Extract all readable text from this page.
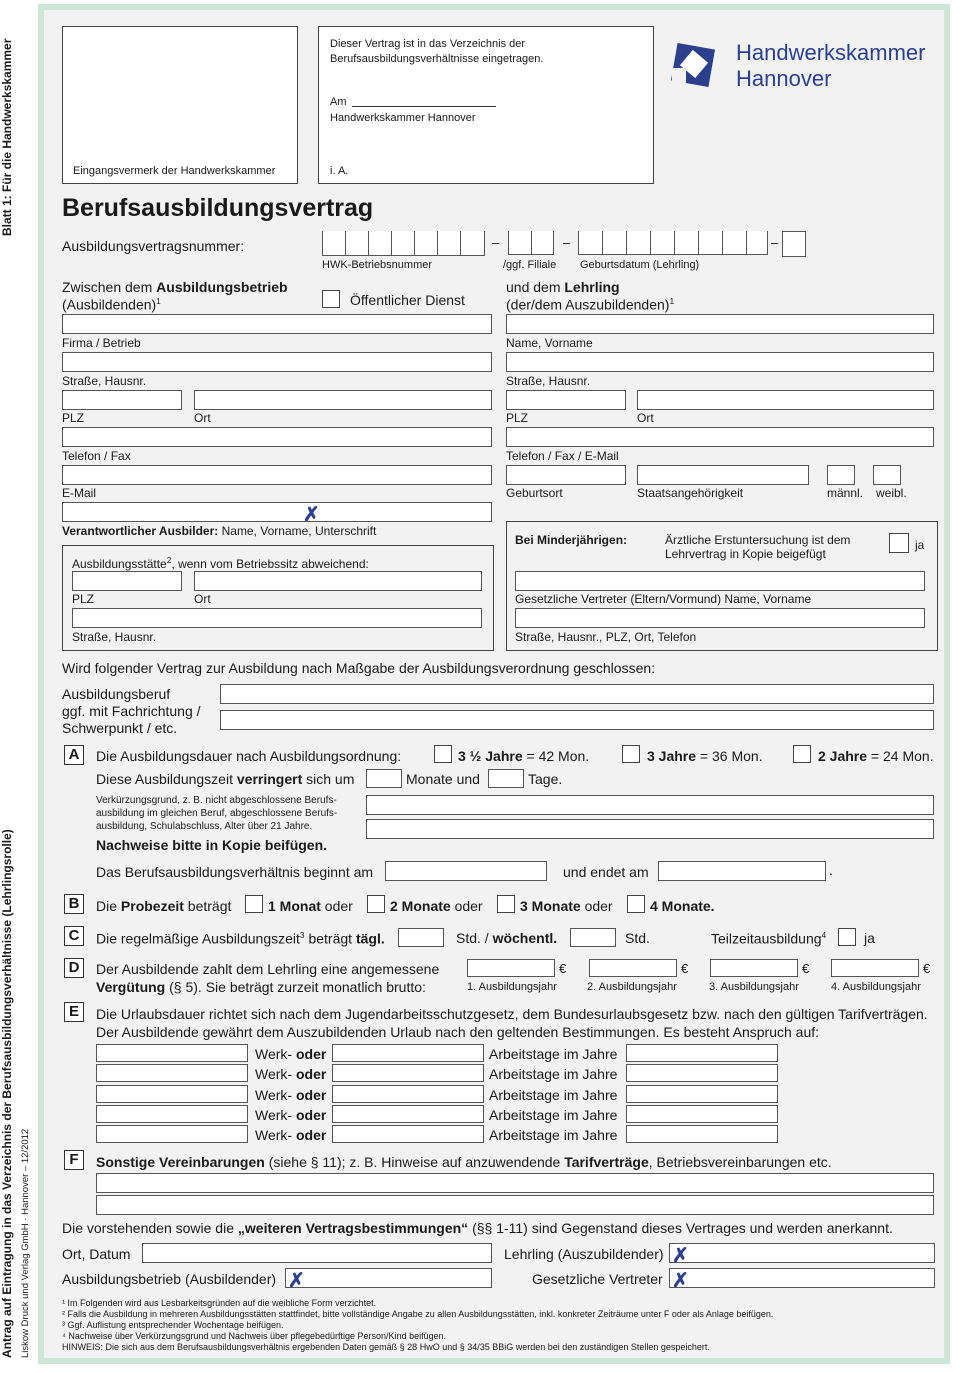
Blatt 1: Für die Handwerkskammer
Antrag auf Eintragung in das Verzeichnis der Berufsausbildungsverhältnisse (Lehrlingsrolle) Liskow Druck und Verlag GmbH · Hannover – 12/2012
Eingangsvermerk der Handwerkskammer
Dieser Vertrag ist in das Verzeichnis der
Berufsausbildungsverhältnisse eingetragen.
Am
Handwerkskammer Hannover
i. A.
Handwerkskammer
Hannover
Berufsausbildungsvertrag
Ausbildungsvertragsnummer:	–	–	–
HWK-Betriebsnummer	/ggf. Filiale Geburtsdatum (Lehrling)
Zwischen dem Ausbildungsbetrieb
(Ausbildenden)$^1$	Öffentlicher Dienst
Firma / Betrieb
Straße, Hausnr.
PLZ	Ort
Telefon / Fax
E-Mail
✗
Verantwortlicher Ausbilder: Name, Vorname, Unterschrift
Ausbildungsstätte$^2$, wenn vom Betriebssitz abweichend:
PLZ	Ort
Straße, Hausnr.
und dem Lehrling
(der/dem Auszubildenden)$^1$
Name, Vorname
Straße, Hausnr.
PLZ	Ort
Telefon / Fax / E-Mail
Geburtsort	Staatsangehörigkeit	männl. weibl.
Bei Minderjährigen:	Ärztliche Erstuntersuchung ist dem
Lehrvertrag in Kopie beigefügt
ja
Gesetzliche Vertreter (Eltern/Vormund) Name, Vorname
Straße, Hausnr., PLZ, Ort, Telefon
Wird folgender Vertrag zur Ausbildung nach Maßgabe der Ausbildungsverordnung geschlossen:
Ausbildungsberuf
ggf. mit Fachrichtung /
Schwerpunkt / etc.
A	Die Ausbildungsdauer nach Ausbildungsordnung:	3 ½ Jahre = 42 Mon.	3 Jahre = 36 Mon.	2 Jahre = 24 Mon.
Diese Ausbildungszeit verringert sich um	Monate und	Tage.
Verkürzungsgrund, z. B. nicht abgeschlossene Berufs-
ausbildung im gleichen Beruf, abgeschlossene Berufs-
ausbildung, Schulabschluss, Alter über 21 Jahre.
Nachweise bitte in Kopie beifügen.
Das Berufsausbildungsverhältnis beginnt am	und endet am	.
B	Die Probezeit beträgt	1 Monat oder	2 Monate oder	3 Monate oder	4 Monate.
C	Die regelmäßige Ausbildungszeit$^3$ beträgt tägl.	Std. / wöchentl.	Std.	Teilzeitausbildung$^4$	ja
D	Der Ausbildende zahlt dem Lehrling eine angemessene
Vergütung (§ 5). Sie beträgt zurzeit monatlich brutto:
€	€	€	€
1. Ausbildungsjahr	2. Ausbildungsjahr	3. Ausbildungsjahr	4. Ausbildungsjahr
E	Die Urlaubsdauer richtet sich nach dem Jugendarbeitsschutzgesetz, dem Bundesurlaubsgesetz bzw. nach den gültigen Tarifverträgen.
Der Ausbildende gewährt dem Auszubildenden Urlaub nach den geltenden Bestimmungen. Es besteht Anspruch auf:
Werk- oder	Arbeitstage im Jahre
Werk- oder	Arbeitstage im Jahre
Werk- oder	Arbeitstage im Jahre
Werk- oder	Arbeitstage im Jahre
Werk- oder	Arbeitstage im Jahre
F	Sonstige Vereinbarungen (siehe § 11); z. B. Hinweise auf anzuwendende Tarifverträge, Betriebsvereinbarungen etc.
Die vorstehenden sowie die „weiteren Vertragsbestimmungen“ (§§ 1-11) sind Gegenstand dieses Vertrages und werden anerkannt.
Ort, Datum	Lehrling (Auszubildender) ✗
Ausbildungsbetrieb (Ausbildender) ✗	Gesetzliche Vertreter ✗
¹ Im Folgenden wird aus Lesbarkeitsgründen auf die weibliche Form verzichtet.
² Falls die Ausbildung in mehreren Ausbildungsstätten stattfindet, bitte vollständige Angabe zu allen Ausbildungsstätten, inkl. konkreter Zeiträume unter F oder als Anlage beifügen.
³ Ggf. Auflistung entsprechender Wochentage beifügen.
⁴ Nachweise über Verkürzungsgrund und Nachweis über pflegebedürftige Person/Kind beifügen.
HINWEIS: Die sich aus dem Berufsausbildungsverhältnis ergebenden Daten gemäß § 28 HwO und § 34/35 BBiG werden bei den zuständigen Stellen gespeichert.
